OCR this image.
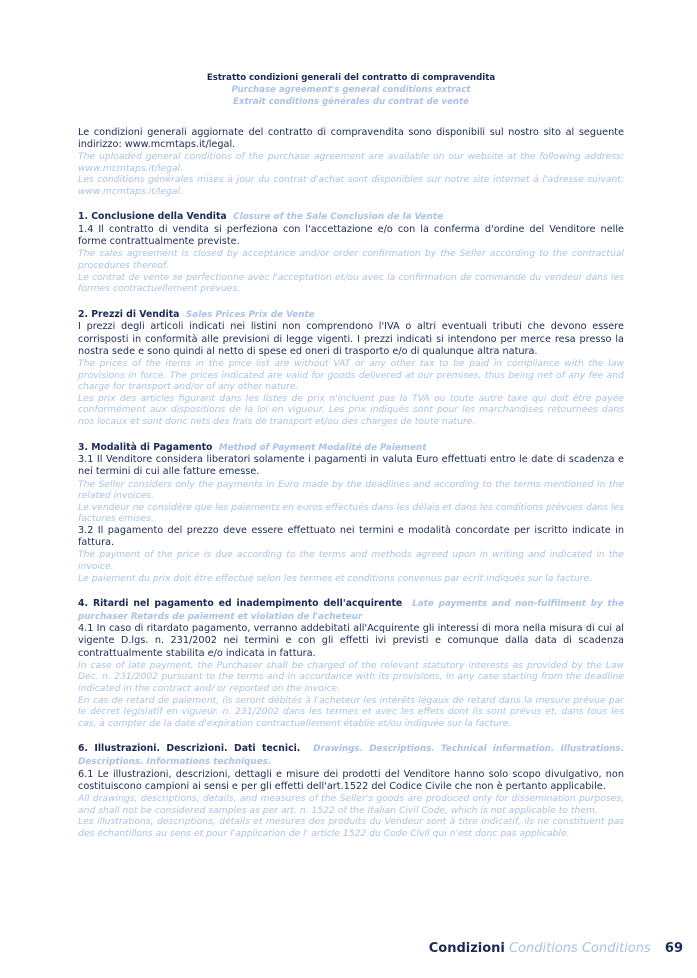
Estratto condizioni generali del contratto di compravendita

Purchase agreement's general conditions extract

Extrait conditions générales du contrat de vente

Le condizioni generali aggiornate del contratto di compravendita sono disponibili sul nostro sito al seguente indirizzo: www.mcmtaps.it/legal.

The uploaded general conditions of the purchase agreement are available on our website at the following address: www.mcmtaps.it/legal.
Les conditions générales mises à jour du contrat d'achat sont disponibles sur notre site internet à l'adresse suivant: www.mcmtaps.it/legal.

1. Conclusione della Vendita Closure of the Sale Conclusion de la Vente

1.4 Il contratto di vendita si perfeziona con l'accettazione e/o con la conferma d'ordine del Venditore nelle forme contrattualmente previste.

The sales agreement is closed by acceptance and/or order confirmation by the Seller according to the contractual procedures thereof.
Le contrat de vente se perfectionne avec l'acceptation et/ou avec la confirmation de commande du vendeur dans les formes contractuellement prévues.

2. Prezzi di Vendita Sales Prices Prix de Vente

I prezzi degli articoli indicati nei listini non comprendono l'IVA o altri eventuali tributi che devono essere corrisposti in conformità alle previsioni di legge vigenti. I prezzi indicati si intendono per merce resa presso la nostra sede e sono quindi al netto di spese ed oneri di trasporto e/o di qualunque altra natura.

The prices of the items in the price list are without VAT or any other tax to be paid in compliance with the law provisions in force. The prices indicated are valid for goods delivered at our premises, thus being net of any fee and charge for transport and/or of any other nature.
Les prix des articles figurant dans les listes de prix n'incluent pas la TVA ou toute autre taxe qui doit être payée conformément aux dispositions de la loi en vigueur. Les prix indiqués sont pour les marchandises retournées dans nos locaux et sont donc nets des frais de transport et/ou des charges de toute nature.

3. Modalità di Pagamento Method of Payment Modalité de Paiement

3.1 Il Venditore considera liberatori solamente i pagamenti in valuta Euro effettuati entro le date di scadenza e nei termini di cui alle fatture emesse.

The Seller considers only the payments in Euro made by the deadlines and according to the terms mentioned in the related invoices.
Le vendeur ne considère que les paiements en euros effectués dans les délais et dans les conditions prévues dans les factures émises.

3.2 Il pagamento del prezzo deve essere effettuato nei termini e modalità concordate per iscritto indicate in fattura.

The payment of the price is due according to the terms and methods agreed upon in writing and indicated in the invoice.
Le paiement du prix doit être effectué selon les termes et conditions convenus par écrit indiqués sur la facture.

4. Ritardi nel pagamento ed inadempimento dell'acquirente Late payments and non-fulfilment by the purchaser Retards de paiement et violation de l'acheteur

4.1 In caso di ritardato pagamento, verranno addebitati all'Acquirente gli interessi di mora nella misura di cui al vigente D.lgs. n. 231/2002 nei termini e con gli effetti ivi previsti e comunque dalla data di scadenza contrattualmente stabilita e/o indicata in fattura.

In case of late payment, the Purchaser shall be charged of the relevant statutory interests as provided by the Law Dec. n. 231/2002 pursuant to the terms and in accordance with its provisions, in any case starting from the deadline indicated in the contract and/ or reported on the invoice.
En cas de retard de paiement, ils seront débités à l'acheteur les intérêts légaux de retard dans la mesure prévue par le décret législatif en vigueur. n. 231/2002 dans les termes et avec les effets dont ils sont prévus et, dans tous les cas, à compter de la date d'expiration contractuellement établie et/ou indiquée sur la facture.

6. Illustrazioni. Descrizioni. Dati tecnici. Drawings. Descriptions. Technical information. Illustrations. Descriptions. Informations techniques.

6.1 Le illustrazioni, descrizioni, dettagli e misure dei prodotti del Venditore hanno solo scopo divulgativo, non costituiscono campioni ai sensi e per gli effetti dell'art.1522 del Codice Civile che non è pertanto applicabile.

All drawings, descriptions, details, and measures of the Seller's goods are produced only for dissemination purposes, and shall not be considered samples as per art. n. 1522 of the Italian Civil Code, which is not applicable to them.
Les illustrations, descriptions, détails et mesures des produits du Vendeur sont à titre indicatif, ils ne constituent pas des échantillons au sens et pour l'application de l' article 1522 du Code Civil qui n'est donc pas applicable.
Condizioni Conditions Conditions 69
